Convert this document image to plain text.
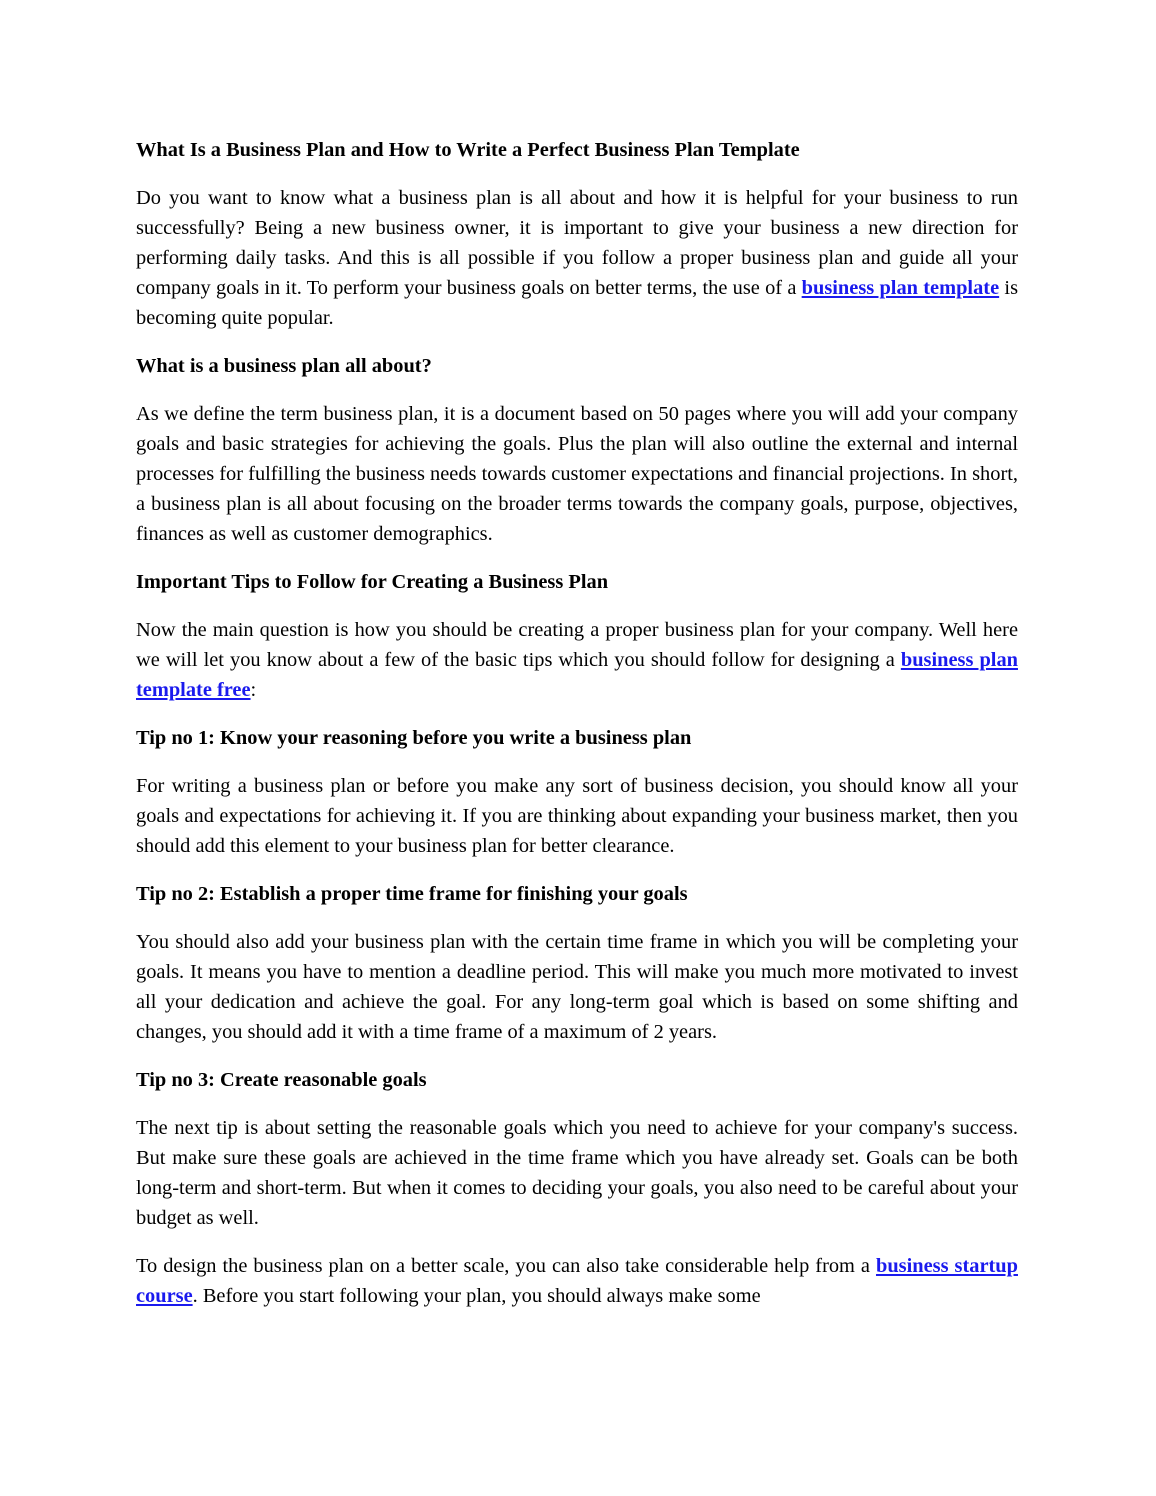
What Is a Business Plan and How to Write a Perfect Business Plan Template

Do you want to know what a business plan is all about and how it is helpful for your business to run successfully? Being a new business owner, it is important to give your business a new direction for performing daily tasks. And this is all possible if you follow a proper business plan and guide all your company goals in it. To perform your business goals on better terms, the use of a business plan template is becoming quite popular.

What is a business plan all about?

As we define the term business plan, it is a document based on 50 pages where you will add your company goals and basic strategies for achieving the goals. Plus the plan will also outline the external and internal processes for fulfilling the business needs towards customer expectations and financial projections. In short, a business plan is all about focusing on the broader terms towards the company goals, purpose, objectives, finances as well as customer demographics.

Important Tips to Follow for Creating a Business Plan

Now the main question is how you should be creating a proper business plan for your company. Well here we will let you know about a few of the basic tips which you should follow for designing a business plan template free:

Tip no 1: Know your reasoning before you write a business plan

For writing a business plan or before you make any sort of business decision, you should know all your goals and expectations for achieving it. If you are thinking about expanding your business market, then you should add this element to your business plan for better clearance.

Tip no 2: Establish a proper time frame for finishing your goals

You should also add your business plan with the certain time frame in which you will be completing your goals. It means you have to mention a deadline period. This will make you much more motivated to invest all your dedication and achieve the goal. For any long-term goal which is based on some shifting and changes, you should add it with a time frame of a maximum of 2 years.

Tip no 3: Create reasonable goals

The next tip is about setting the reasonable goals which you need to achieve for your company's success. But make sure these goals are achieved in the time frame which you have already set. Goals can be both long-term and short-term. But when it comes to deciding your goals, you also need to be careful about your budget as well.

To design the business plan on a better scale, you can also take considerable help from a business startup course. Before you start following your plan, you should always make some
